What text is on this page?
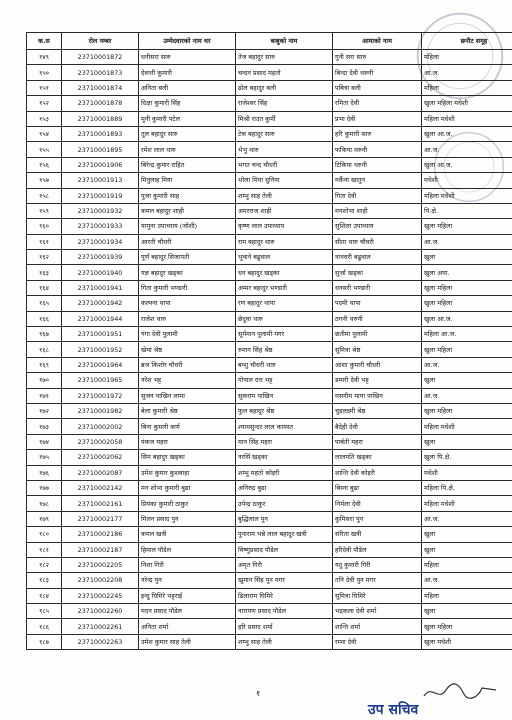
क.स	रोल नम्बर	उम्मेदवारको नाम थर	बाबुको नाम	आमाको नाम	छनौट समूह
१४९	23710001872	धनीसरा सारु	तेज बहादुर सारु	गुनी सरा सारु	महिला
१५०	23710001873	देवन्ती कुमारी	चन्दन प्रसाद महतो	बिन्दा देवी थरुनी	आ.ज.
१५१	23710001874	अनिता बली	ढोल बहादुर बली	पबित्रा बली	महिला
१५२	23710001878	दिक्षा कुमारी सिंह	राजेश्वर सिंह	रमिता देवी	खुला महिला मधेशी
१५३	23710001889	मुनी कुमारी पटेल	मिश्री राउत कुर्मी	प्रभा देवी	महिला मधेशी
१५४	23710001893	तुल बहादुर सारु	टेक बहादुर सारु	हरि कुमारी सारु	खुला आ.ज.
१५५	23710001895	रमेश लाल थारु	भेभु थारु	फकिया थरुनी	आ.ज.
१५६	23710001906	बिरेन्द्र कुमार राहित	भगत चन्द चौधरी	टिकिया थरुनी	खुला आ.ज.
१५७	23710001913	मिनुलाह मिया	भोला मिया धुनिया	मर्कैना खातुन	मधेशी
१५८	23710001919	पुजा कुमारी साह	शम्भु साह तेली	गिता देवी	महिला मधेशी
१५९	23710001932	कमल बहादुर शाही	अमरराज शाही	मनशोभा शाही	पि.क्षे.
१६०	23710001933	यामुना उपाध्याय (जोशी)	कृष्ण लाल उपाध्याय	सुशिला उपाध्याय	खुला महिला
१६१	23710001934	आरती चौधरी	राम बहादुर थारु	सीता थारु चौधरी	आ.ज.
१६२	23710001939	पूर्ण बहादुर सिजापती	भुवाने बढुवाल	नानधरी बढुवाल	खुला
१६३	23710001940	यज्ञ बहादुर खड्का	धन बहादुर खड्का	सुर्जा खड्का	खुला अपा.
१६४	23710001941	गिता कुमारी भण्डारी	अम्मर बहादुर भण्डारी	धनसरी भण्डारी	खुला महिला
१६५	23710001942	कल्पना थापा	रण बहादुर थापा	पदमी थापा	खुला महिला
१६६	23710001944	राजेश थारु	छेदुवा थारु	ठगनी थरुनी	खुला आ.ज.
१६७	23710001951	गंगा देवी पुलामी	सूर्यमान पुलामी मगर	छतीमा पुलामी	महिला आ.ज.
१६८	23710001952	खेमा श्रेष्ठ	रुमान सिंह श्रेष्ठ	सुमित्रा श्रेष्ठ	खुला महिला
१६९	23710001964	ब्रज किशोर चौधरी	बन्शु चौधरी थारु	आशा कुमारी चौधरी	आ.ज.
१७०	23710001965	नरेश भट्ट	गोपाल दत्त भट्ट	डम्मरी देवी भट्ट	खुला
१७१	23710001972	सुजन पाखिन लामा	सुकराम पाखिन	मसनीम माया पाखिन	आ.ज.
१७२	23710001982	बेला कुमारी श्रेष्ठ	फुल बहादुर श्रेष्ठ	चुडलक्ष्मी श्रेष्ठ	खुला महिला
१७३	23710002002	बिना कुमारी कर्ण	श्यामसुन्दर लाल कायस्त	बैदेही देवी	महिला मधेशी
१७४	23710002058	पंकज महरा	मान सिंह महरा	पार्बती महरा	खुला
१७५	23710002062	सिम बहादुर खड्का	नरसिं खड्का	लालमति खड्का	खुला पि.क्षे.
१७६	23710002087	उमेश कुमार कुशवाहा	शम्भु महतो कोइरी	शान्ति देवी कोइरी	मधेशी
१७७	23710002142	मन शोभा कुमारी बुढा	अनिरुद्र बुढा	बिस्ना बुढा	महिला पि.क्षे.
१७८	23710002161	प्रियंका कुमारी ठाकुर	उपेन्द्र ठाकुर	निर्मला देवी	महिला मधेशी
१७९	23710002177	मिलन प्रसाद पुन	बुद्धिलाल पुन	कुमिसरा पुन	आ.ज.
१८०	23710002186	कमल खत्री	पुनाराम भन्ने लाल बहादुर खत्री	सरिता खत्री	खुला
१८१	23710002187	हिमाल पौडेल	विष्णुप्रसाद पौडेल	हरिदेवी पौडेल	खुला
१८२	23710002205	निशा गिरी	अमृत गिरी	यदु कुमारी गिरी	महिला
१८३	23710002208	नरेन्द्र पुन	खुमान सिंह पुन मगर	तनि देवी पुन मगर	आ.ज.
१८४	23710002245	इन्दु घिमिरे भट्टराई	ढिलाराम घिमिरे	सुमित्रा घिमिरे	महिला
१८५	23710002260	मदन प्रसाद पौडेल	नारायण प्रसाद पौडेल	भद्रकला देवी शर्मा	खुला
१८६	23710002261	अनिता शर्मा	हरि प्रसाद शर्मा	शान्ति शर्मा	खुला महिला
१८७	23710002263	उमेश कुमार साह तेली	शम्भु साह तेली	रम्भा देवी	खुला मधेशी
१
उप सचिव
